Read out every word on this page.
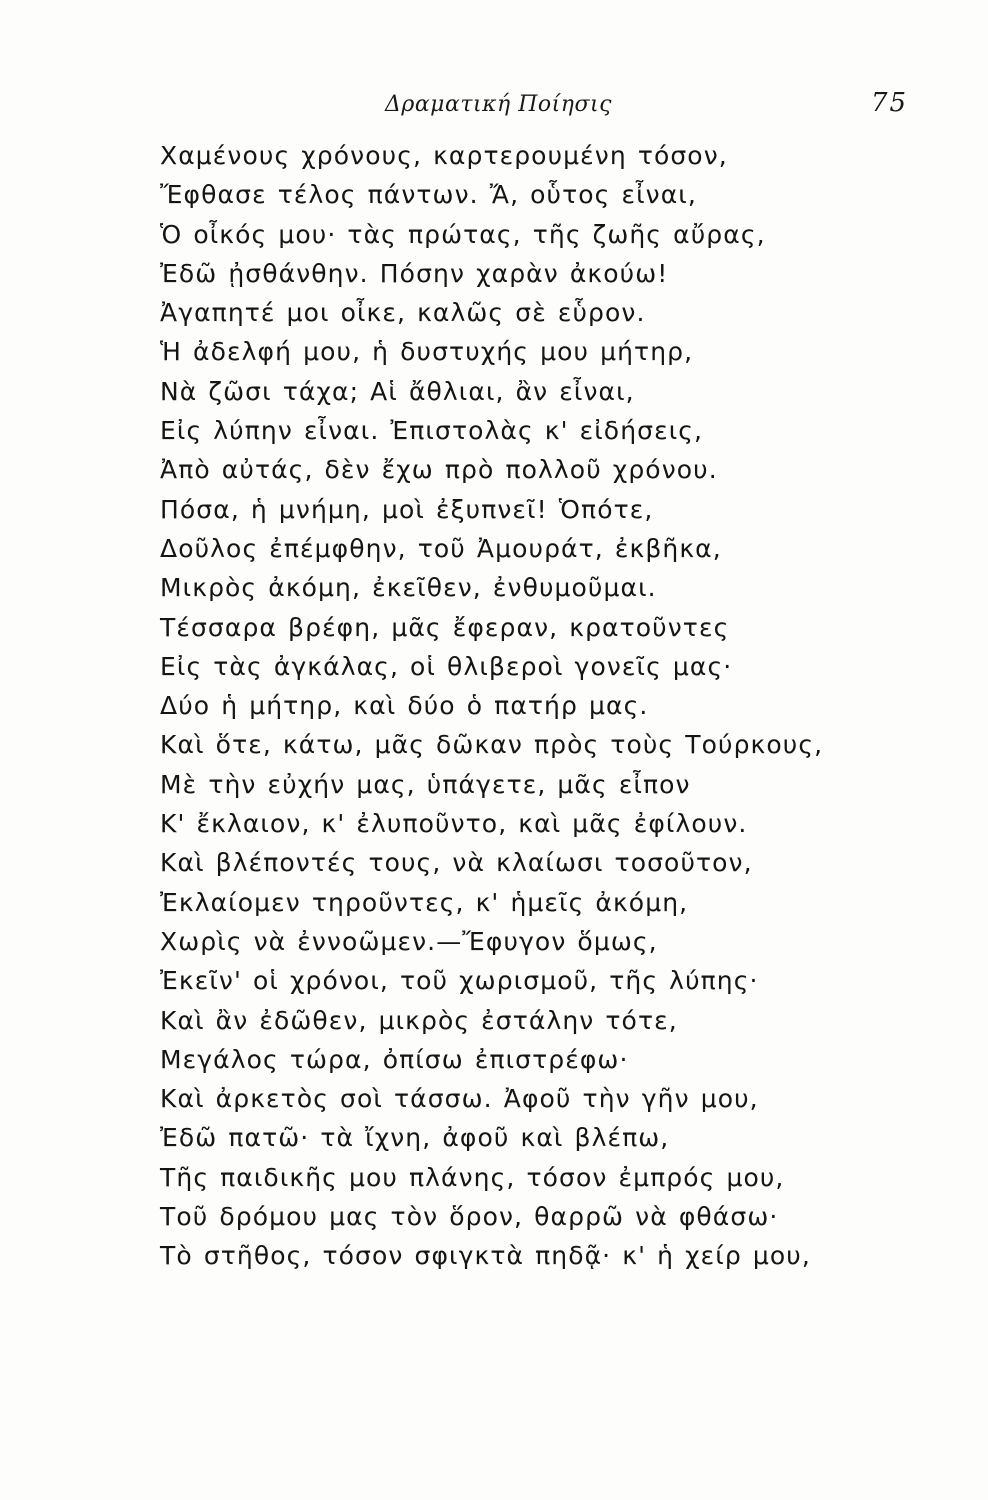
Δραματική Ποίησις	75
Χαμένους χρόνους, καρτερουμένη τόσον,
Ἔφθασε τέλος πάντων. Ἄ, οὗτος εἶναι,
Ὁ οἶκός μου· τὰς πρώτας, τῆς ζωῆς αὔρας,
Ἐδῶ ᾐσθάνθην. Πόσην χαρὰν ἀκούω!
Ἀγαπητέ μοι οἶκε, καλῶς σὲ εὗρον.
Ἡ ἀδελφή μου, ἡ δυστυχής μου μήτηρ,
Νὰ ζῶσι τάχα; Αἱ ἄθλιαι, ἂν εἶναι,
Εἰς λύπην εἶναι. Ἐπιστολὰς κ' εἰδήσεις,
Ἀπὸ αὐτάς, δὲν ἔχω πρὸ πολλοῦ χρόνου.
Πόσα, ἡ μνήμη, μοὶ ἐξυπνεῖ! Ὁπότε,
Δοῦλος ἐπέμφθην, τοῦ Ἀμουράτ, ἐκβῆκα,
Μικρὸς ἀκόμη, ἐκεῖθεν, ἐνθυμοῦμαι.
Τέσσαρα βρέφη, μᾶς ἔφεραν, κρατοῦντες
Εἰς τὰς ἀγκάλας, οἱ θλιβεροὶ γονεῖς μας·
Δύο ἡ μήτηρ, καὶ δύο ὁ πατήρ μας.
Καὶ ὅτε, κάτω, μᾶς δῶκαν πρὸς τοὺς Τούρκους,
Μὲ τὴν εὐχήν μας, ὑπάγετε, μᾶς εἶπον
Κ' ἔκλαιον, κ' ἐλυποῦντο, καὶ μᾶς ἐφίλουν.
Καὶ βλέποντές τους, νὰ κλαίωσι τοσοῦτον,
Ἐκλαίομεν τηροῦντες, κ' ἡμεῖς ἀκόμη,
Χωρὶς νὰ ἐννοῶμεν.—Ἔφυγον ὅμως,
Ἐκεῖν' οἱ χρόνοι, τοῦ χωρισμοῦ, τῆς λύπης·
Καὶ ἂν ἐδῶθεν, μικρὸς ἐστάλην τότε,
Μεγάλος τώρα, ὀπίσω ἐπιστρέφω·
Καὶ ἀρκετὸς σοὶ τάσσω. Ἀφοῦ τὴν γῆν μου,
Ἐδῶ πατῶ· τὰ ἴχνη, ἀφοῦ καὶ βλέπω,
Τῆς παιδικῆς μου πλάνης, τόσον ἐμπρός μου,
Τοῦ δρόμου μας τὸν ὅρον, θαρρῶ νὰ φθάσω·
Τὸ στῆθος, τόσον σφιγκτὰ πηδᾷ· κ' ἡ χείρ μου,
